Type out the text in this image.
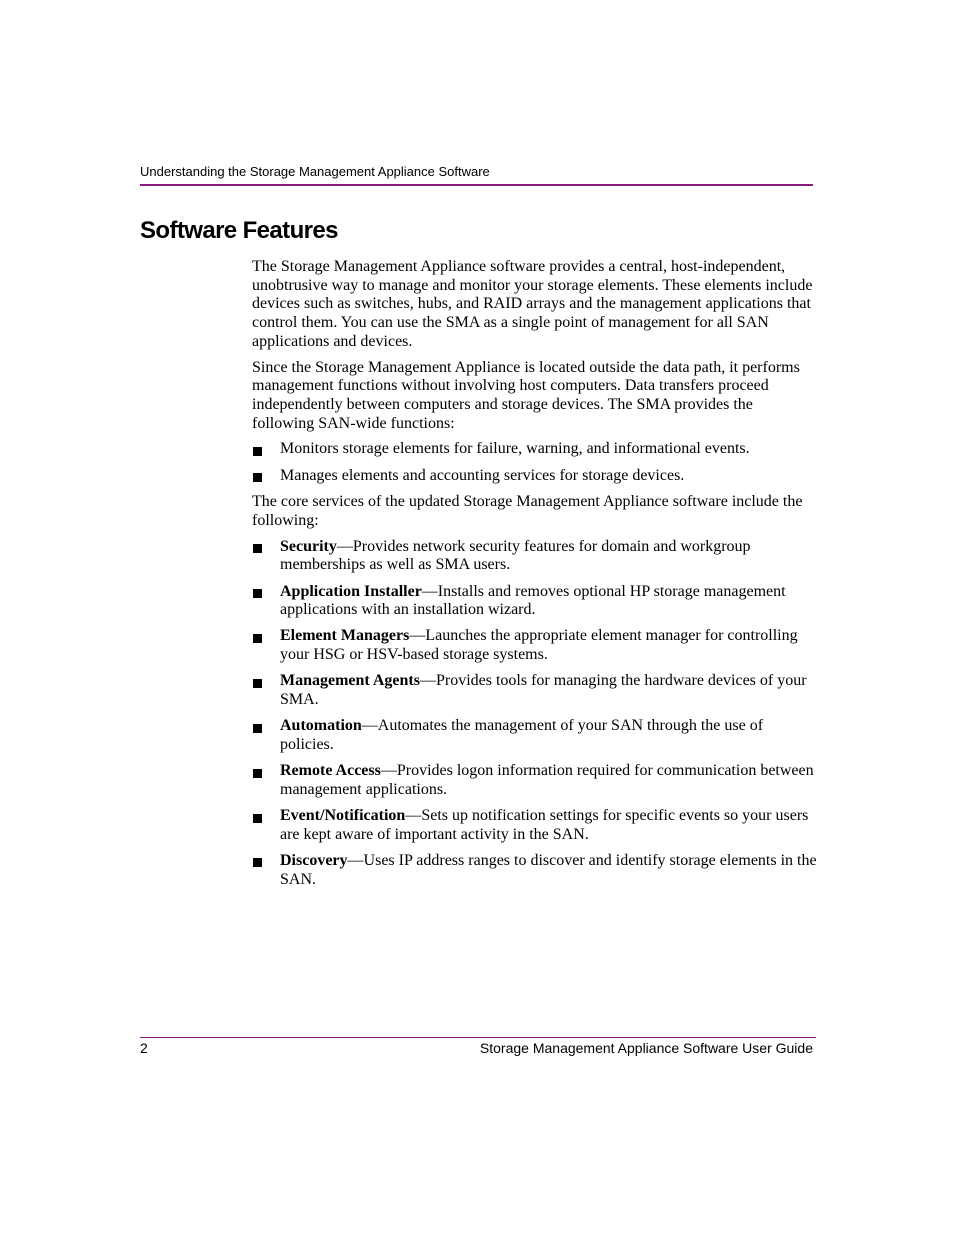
Understanding the Storage Management Appliance Software
Software Features

The Storage Management Appliance software provides a central, host-independent, unobtrusive way to manage and monitor your storage elements. These elements include devices such as switches, hubs, and RAID arrays and the management applications that control them. You can use the SMA as a single point of management for all SAN applications and devices.

Since the Storage Management Appliance is located outside the data path, it performs management functions without involving host computers. Data transfers proceed independently between computers and storage devices. The SMA provides the following SAN-wide functions:

Monitors storage elements for failure, warning, and informational events.
Manages elements and accounting services for storage devices.

The core services of the updated Storage Management Appliance software include the following:

Security—Provides network security features for domain and workgroup memberships as well as SMA users.
Application Installer—Installs and removes optional HP storage management applications with an installation wizard.
Element Managers—Launches the appropriate element manager for controlling your HSG or HSV-based storage systems.
Management Agents—Provides tools for managing the hardware devices of your SMA.
Automation—Automates the management of your SAN through the use of policies.
Remote Access—Provides logon information required for communication between management applications.
Event/Notification—Sets up notification settings for specific events so your users are kept aware of important activity in the SAN.
Discovery—Uses IP address ranges to discover and identify storage elements in the SAN.
2	Storage Management Appliance Software User Guide
